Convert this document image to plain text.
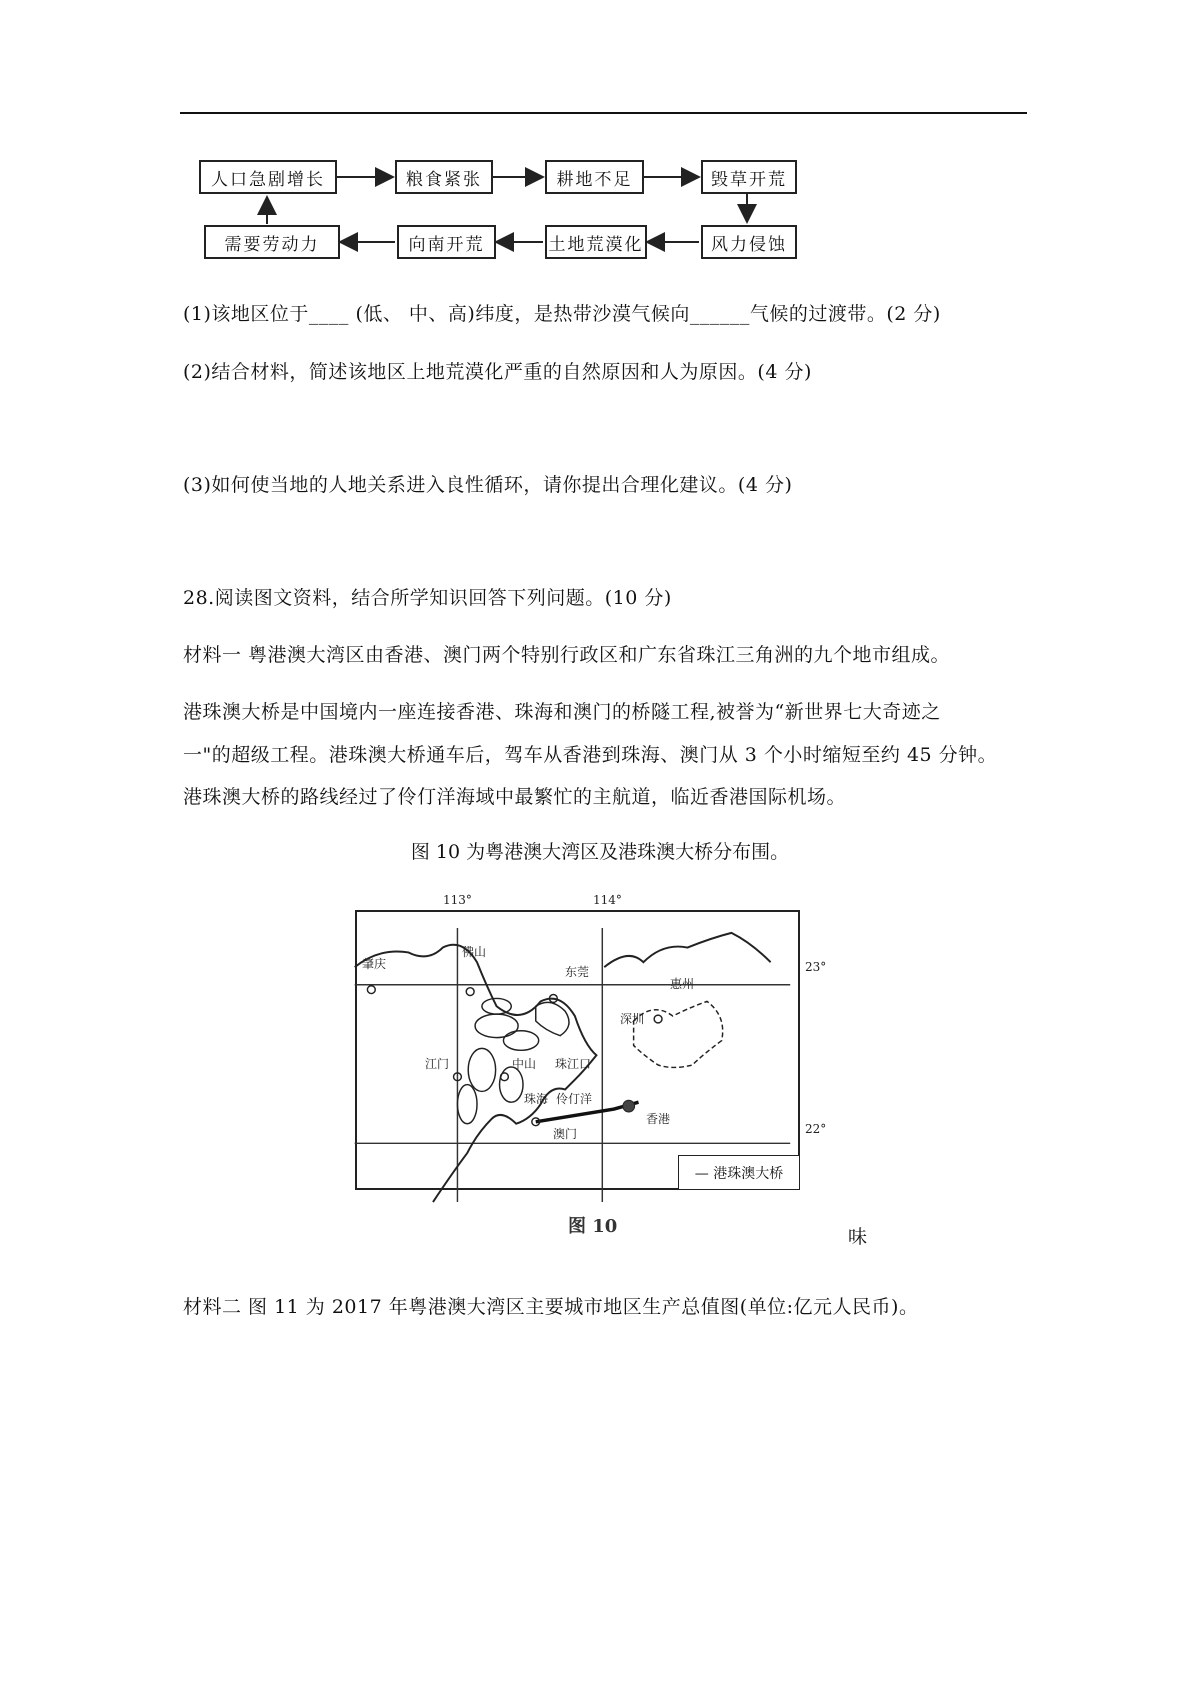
人口急剧增长	粮食紧张	耕地不足	毁草开荒
需要劳动力	向南开荒	土地荒漠化	风力侵蚀
(1)该地区位于____ (低、 中、高)纬度，是热带沙漠气候向______气候的过渡带。(2 分)
(2)结合材料，简述该地区上地荒漠化严重的自然原因和人为原因。(4 分)
(3)如何使当地的人地关系进入良性循环，请你提出合理化建议。(4 分)
28.阅读图文资料，结合所学知识回答下列问题。(10 分)
材料一 粤港澳大湾区由香港、澳门两个特别行政区和广东省珠江三角洲的九个地市组成。
港珠澳大桥是中国境内一座连接香港、珠海和澳门的桥隧工程,被誉为“新世界七大奇迹之
一"的超级工程。港珠澳大桥通车后，驾车从香港到珠海、澳门从 3 个小时缩短至约 45 分钟。
港珠澳大桥的路线经过了伶仃洋海域中最繁忙的主航道，临近香港国际机场。
图 10 为粤港澳大湾区及港珠澳大桥分布围。
113°	114°
23°
22°
肇庆
佛山
东莞
惠州
深圳
江门	中山 珠江口
珠海 伶仃洋
香港
澳门
— 港珠澳大桥
图 10	味
材料二 图 11 为 2017 年粤港澳大湾区主要城市地区生产总值图(单位:亿元人民币)。
